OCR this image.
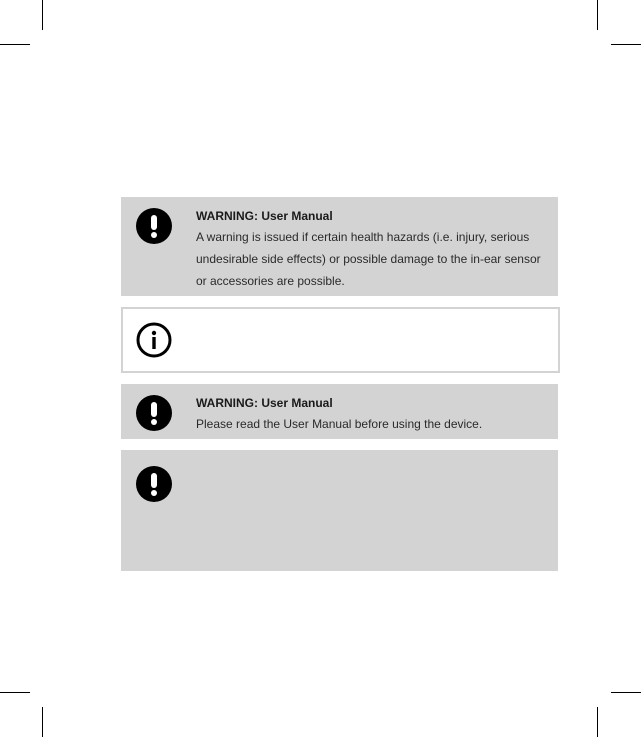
WARNING: User Manual
A warning is issued if certain health hazards (i.e. injury, serious undesirable side effects) or possible damage to the in-ear sensor or accessories are possible.
WARNING: User Manual
Please read the User Manual before using the device.
